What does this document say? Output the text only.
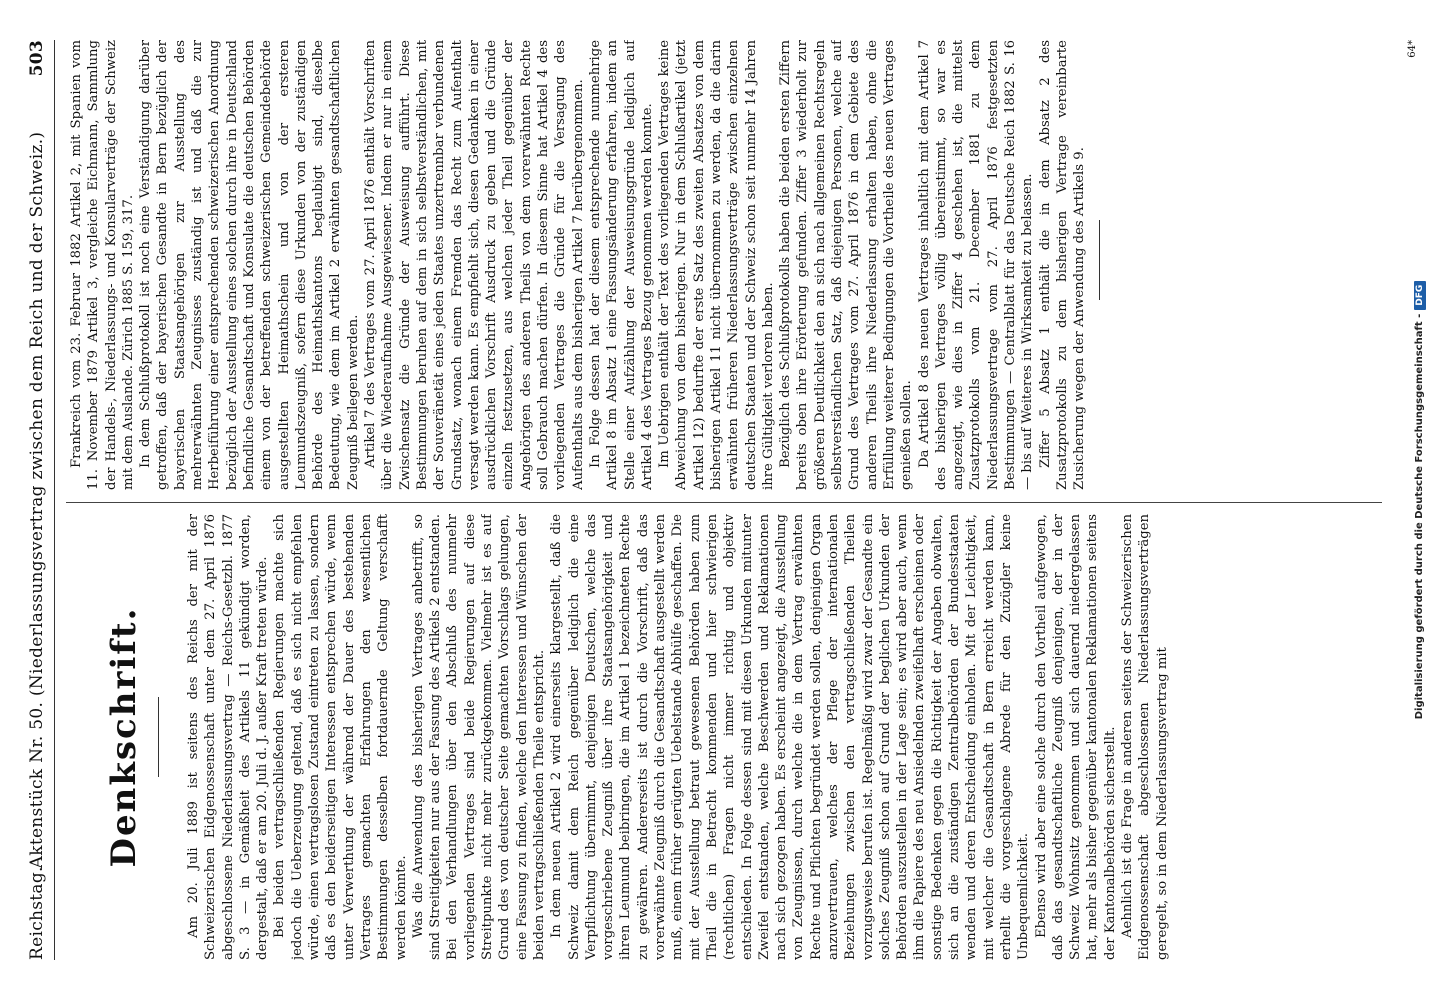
Reichstag.
Aktenstück Nr. 50. (Niederlassungsvertrag zwischen dem Reich und der Schweiz.)
503
Denkschrift.	Am 20. Juli 1889 ist seitens des Reichs der mit der Schweizerischen Eidgenossenschaft unter dem 27. April 1876 abgeschlossene Niederlassungsvertrag — Reichs-Gesetzbl. 1877 S. 3 — in Gemäßheit des Artikels 11 gekündigt worden, dergestalt, daß er am 20. Juli d. J. außer Kraft treten würde. Bei beiden vertragschließenden Regierungen machte sich jedoch die Ueberzeugung geltend, daß es sich nicht empfehlen würde, einen vertragslosen Zustand eintreten zu lassen, sondern daß es den beiderseitigen Interessen entsprechen würde, wenn unter Verwerthung der während der Dauer des bestehenden Vertrages gemachten Erfahrungen den wesentlichen Bestimmungen desselben fortdauernde Geltung verschafft werden könnte. Was die Anwendung des bisherigen Vertrages anbetrifft, so sind Streitigkeiten nur aus der Fassung des Artikels 2 entstanden. Bei den Verhandlungen über den Abschluß des nunmehr vorliegenden Vertrages sind beide Regierungen auf diese Streitpunkte nicht mehr zurückgekommen. Vielmehr ist es auf Grund des von deutscher Seite gemachten Vorschlags gelungen, eine Fassung zu finden, welche den Interessen und Wünschen der beiden vertragschließenden Theile entspricht. In dem neuen Artikel 2 wird einerseits klargestellt, daß die Schweiz damit dem Reich gegenüber lediglich die eine Verpflichtung übernimmt, denjenigen Deutschen, welche das vorgeschriebene Zeugniß über ihre Staatsangehörigkeit und ihren Leumund beibringen, die im Artikel 1 bezeichneten Rechte zu gewähren. Andererseits ist durch die Vorschrift, daß das vorerwähnte Zeugniß durch die Gesandtschaft ausgestellt werden muß, einem früher gerügten Uebelstande Abhülfe geschaffen. Die mit der Ausstellung betraut gewesenen Behörden haben zum Theil die in Betracht kommenden und hier schwierigen (rechtlichen) Fragen nicht immer richtig und objektiv entschieden. In Folge dessen sind mit diesen Urkunden mitunter Zweifel entstanden, welche Beschwerden und Reklamationen nach sich gezogen haben. Es erscheint angezeigt, die Ausstellung von Zeugnissen, durch welche die in dem Vertrag erwähnten Rechte und Pflichten begründet werden sollen, denjenigen Organ anzuvertrauen, welches der Pflege der internationalen Beziehungen zwischen den vertragschließenden Theilen vorzugsweise berufen ist. Regelmäßig wird zwar der Gesandte ein solches Zeugniß schon auf Grund der beglichen Urkunden der Behörden auszustellen in der Lage sein; es wird aber auch, wenn ihm die Papiere des neu Ansiedelnden zweifelhaft erscheinen oder sonstige Bedenken gegen die Richtigkeit der Angaben obwalten, sich an die zuständigen Zentralbehörden der Bundesstaaten wenden und deren Entscheidung einholen. Mit der Leichtigkeit, mit welcher die Gesandtschaft in Bern erreicht werden kann, erhellt die vorgeschlagene Abrede für den Zuzügler keine Unbequemlichkeit. Ebenso wird aber eine solche durch den Vortheil aufgewogen, daß das gesandtschaftliche Zeugniß denjenigen, der in der Schweiz Wohnsitz genommen und sich dauernd niedergelassen hat, mehr als bisher gegenüber kantonalen Reklamationen seitens der Kantonalbehörden sicherstellt. Aehnlich ist die Frage in anderen seitens der Schweizerischen Eidgenossenschaft abgeschlossenen Niederlassungsverträgen geregelt, so in dem Niederlassungsvertrag mit

Frankreich vom 23. Februar 1882 Artikel 2, mit Spanien vom 11. November 1879 Artikel 3, vergleiche Eichmann, Sammlung der Handels-, Niederlassungs- und Konsularverträge der Schweiz mit dem Auslande. Zürich 1885 S. 159, 317. In dem Schlußprotokoll ist noch eine Verständigung darüber getroffen, daß der bayerischen Gesandte in Bern bezüglich der bayerischen Staatsangehörigen zur Ausstellung des mehrerwähnten Zeugnisses zuständig ist und daß die zur Herbeiführung einer entsprechenden schweizerischen Anordnung bezüglich der Ausstellung eines solchen durch ihre in Deutschland befindliche Gesandtschaft und Konsulate die deutschen Behörden einem von der betreffenden schweizerischen Gemeindebehörde ausgestellten Heimathschein und von der ersteren Leumundszeugniß, sofern diese Urkunden von der zuständigen Behörde des Heimathskantons beglaubigt sind, dieselbe Bedeutung, wie dem im Artikel 2 erwähnten gesandtschaftlichen Zeugniß beilegen werden. Artikel 7 des Vertrages vom 27. April 1876 enthält Vorschriften über die Wiederaufnahme Ausgewiesener. Indem er nur in einem Zwischensatz die Gründe der Ausweisung aufführt. Diese Bestimmungen beruhen auf dem in sich selbstverständlichen, mit der Souveränetät eines jeden Staates unzertrennbar verbundenen Grundsatz, wonach einem Fremden das Recht zum Aufenthalt versagt werden kann. Es empfiehlt sich, diesen Gedanken in einer ausdrücklichen Vorschrift Ausdruck zu geben und die Gründe einzeln festzusetzen, aus welchen jeder Theil gegenüber der Angehörigen des anderen Theils von dem vorerwähnten Rechte soll Gebrauch machen dürfen. In diesem Sinne hat Artikel 4 des vorliegenden Vertrages die Gründe für die Versagung des Aufenthalts aus dem bisherigen Artikel 7 herübergenommen. In Folge dessen hat der diesem entsprechende nunmehrige Artikel 8 im Absatz 1 eine Fassungsänderung erfahren, indem an Stelle einer Aufzählung der Ausweisungsgründe lediglich auf Artikel 4 des Vertrages Bezug genommen werden konnte. Im Uebrigen enthält der Text des vorliegenden Vertrages keine Abweichung von dem bisherigen. Nur in dem Schlußartikel (jetzt Artikel 12) bedurfte der erste Satz des zweiten Absatzes von dem bisherigen Artikel 11 nicht übernommen zu werden, da die darin erwähnten früheren Niederlassungsverträge zwischen einzelnen deutschen Staaten und der Schweiz schon seit nunmehr 14 Jahren ihre Gültigkeit verloren haben. Bezüglich des Schlußprotokolls haben die beiden ersten Ziffern bereits oben ihre Erörterung gefunden. Ziffer 3 wiederholt zur größeren Deutlichkeit den an sich nach allgemeinen Rechtsregeln selbstverständlichen Satz, daß diejenigen Personen, welche auf Grund des Vertrages vom 27. April 1876 in dem Gebiete des anderen Theils ihre Niederlassung erhalten haben, ohne die Erfüllung weiterer Bedingungen die Vortheile des neuen Vertrages genießen sollen. Da Artikel 8 des neuen Vertrages inhaltlich mit dem Artikel 7 des bisherigen Vertrages völlig übereinstimmt, so war es angezeigt, wie dies in Ziffer 4 geschehen ist, die mittelst Zusatzprotokolls vom 21. December 1881 zu dem Niederlassungsvertrage vom 27. April 1876 festgesetzten Bestimmungen — Centralblatt für das Deutsche Reich 1882 S. 16 — bis auf Weiteres in Wirksamkeit zu belassen. Ziffer 5 Absatz 1 enthält die in dem Absatz 2 des Zusatzprotokolls zu dem bisherigen Vertrage vereinbarte Zusicherung wegen der Anwendung des Artikels 9.

64*
Digitalisierung gefördert durch die Deutsche Forschungsgemeinschaft -DFG
